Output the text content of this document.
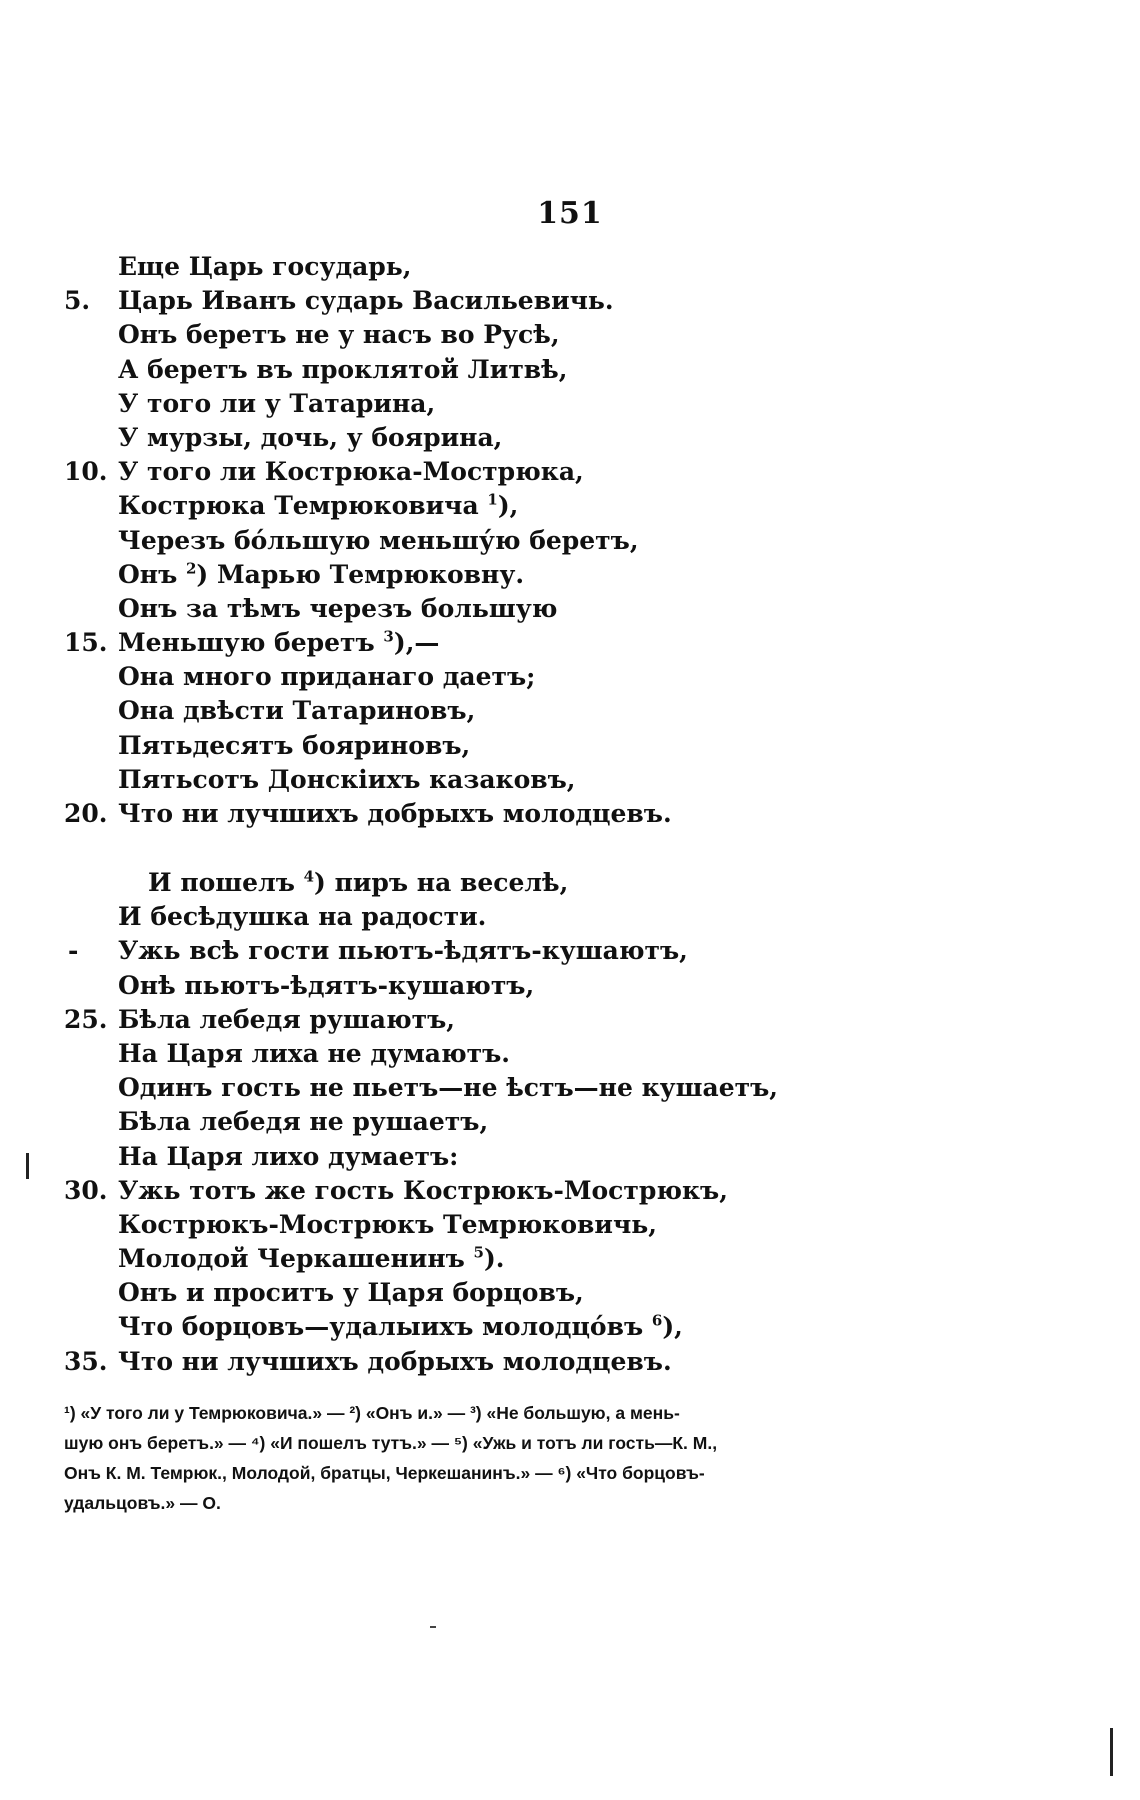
151
Еще Царь государь,
5.	Царь Иванъ сударь Васильевичь.
Онъ беретъ не у насъ во Русѣ,
А беретъ въ проклятой Литвѣ,
У того ли у Татарина,
У мурзы, дочь, у боярина,
10. У того ли Кострюка-Мострюка,
Кострюка Темрюковича $^1$),
Черезъ бо́льшую меньшу́ю беретъ,
Онъ $^2$) Марью Темрюковну.
Онъ за тѣмъ черезъ большую
15. Меньшую беретъ $^3$),—
Она много приданаго даетъ;
Она двѣсти Татариновъ,
Пятьдесятъ бояриновъ,
Пятьсотъ Донскіихъ казаковъ,
20. Что ни лучшихъ добрыхъ молодцевъ.
И пошелъ $^4$) пиръ на веселѣ,
И бесѣдушка на радости.
- Ужь всѣ гости пьютъ-ѣдятъ-кушаютъ,
Онѣ пьютъ-ѣдятъ-кушаютъ,
25. Бѣла лебедя рушаютъ,
На Царя лиха не думаютъ.
Одинъ гость не пьетъ—не ѣстъ—не кушаетъ,
Бѣла лебедя не рушаетъ,
На Царя лихо думаетъ:
30. Ужь тотъ же гость Кострюкъ-Мострюкъ,
Кострюкъ-Мострюкъ Темрюковичь,
Молодой Черкашенинъ $^5$).
Онъ и проситъ у Царя борцовъ,
Что борцовъ—удалыихъ молодцо́въ $^6$),
35. Что ни лучшихъ добрыхъ молодцевъ.
¹) «У того ли у Темрюковича.» — ²) «Онъ и.» — ³) «Не большую, а мень-
шую онъ беретъ.» — ⁴) «И пошелъ тутъ.» — ⁵) «Ужь и тотъ ли гость—К. М.,
Онъ К. М. Темрюк., Молодой, братцы, Черкешанинъ.» — ⁶) «Что борцовъ-
удальцовъ.» — О.
